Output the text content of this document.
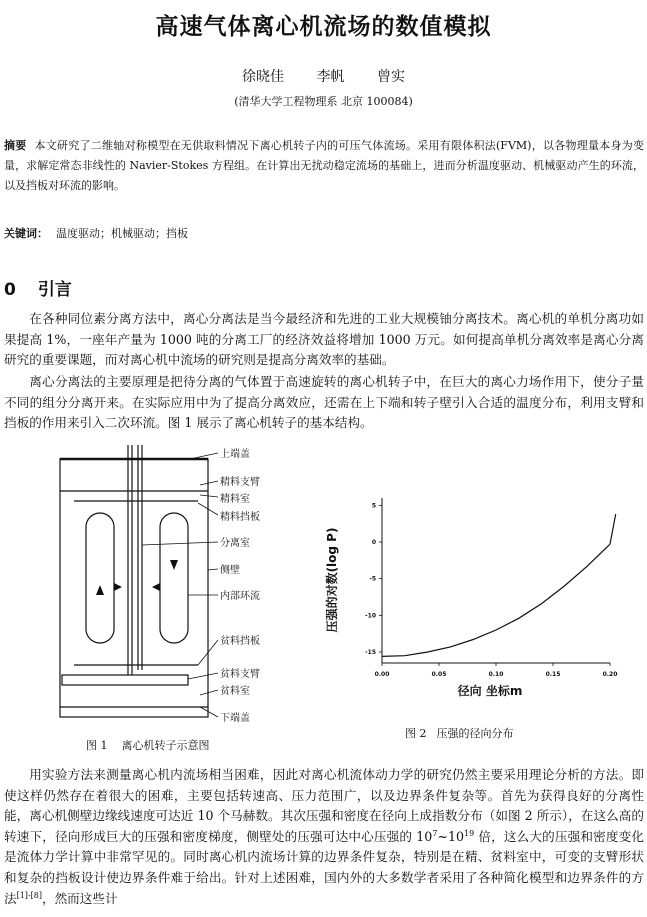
高速气体离心机流场的数值模拟
徐晓佳 李帆 曾实
(清华大学工程物理系 北京 100084)
摘要 本文研究了二维轴对称模型在无供取料情况下离心机转子内的可压气体流场。采用有限体积法(FVM)，以各物理量本身为变量，求解定常态非线性的 Navier-Stokes 方程组。在计算出无扰动稳定流场的基础上，进而分析温度驱动、机械驱动产生的环流，以及挡板对环流的影响。
关键词： 温度驱动；机械驱动；挡板
0 引言
在各种同位素分离方法中，离心分离法是当今最经济和先进的工业大规模铀分离技术。离心机的单机分离功如果提高 1%，一座年产量为 1000 吨的分离工厂的经济效益将增加 1000 万元。如何提高单机分离效率是离心分离研究的重要课题，而对离心机中流场的研究则是提高分离效率的基础。
离心分离法的主要原理是把待分离的气体置于高速旋转的离心机转子中，在巨大的离心力场作用下，使分子量不同的组分分离开来。在实际应用中为了提高分离效应，还需在上下端和转子壁引入合适的温度分布，利用支臂和挡板的作用来引入二次环流。图 1 展示了离心机转子的基本结构。
上端盖
精料支臂
精料室
精料挡板
分离室
侧壁
内部环流
贫料挡板
贫料支臂
贫料室
下端盖
图 1 离心机转子示意图
0.00	0.05	0.10	0.15	0.20
5
0
-5
-10
-15
压强的对数(log P)
径向 坐标m
图 2 压强的径向分布
用实验方法来测量离心机内流场相当困难，因此对离心机流体动力学的研究仍然主要采用理论分析的方法。即使这样仍然存在着很大的困难，主要包括转速高、压力范围广，以及边界条件复杂等。首先为获得良好的分离性能，离心机侧壁边缘线速度可达近 10 个马赫数。其次压强和密度在径向上成指数分布（如图 2 所示），在这么高的转速下，径向形成巨大的压强和密度梯度，侧壁处的压强可达中心压强的 $10^7\sim 10^{19}$ 倍，这么大的压强和密度变化是流体力学计算中非常罕见的。同时离心机内流场计算的边界条件复杂，特别是在精、贫料室中，可变的支臂形状和复杂的挡板设计使边界条件难于给出。针对上述困难，国内外的大多数学者采用了各种简化模型和边界条件的方法[1]-[8]，然而这些计
